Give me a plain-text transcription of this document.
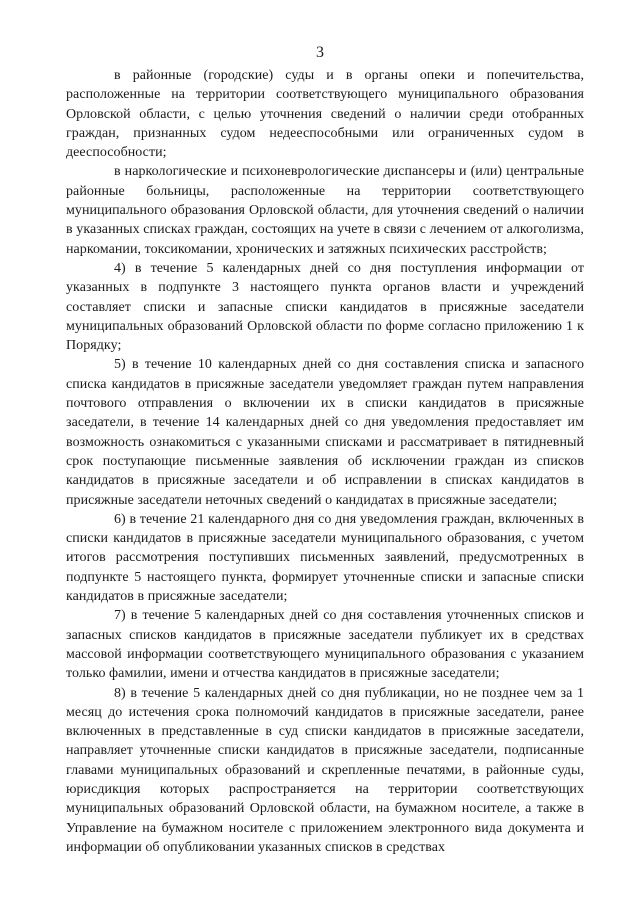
3

в районные (городские) суды и в органы опеки и попечительства, расположенные на территории соответствующего муниципального образования Орловской области, с целью уточнения сведений о наличии среди отобранных граждан, признанных судом недееспособными или ограниченных судом в дееспособности;

в наркологические и психоневрологические диспансеры и (или) центральные районные больницы, расположенные на территории соответствующего муниципального образования Орловской области, для уточнения сведений о наличии в указанных списках граждан, состоящих на учете в связи с лечением от алкоголизма, наркомании, токсикомании, хронических и затяжных психических расстройств;

4) в течение 5 календарных дней со дня поступления информации от указанных в подпункте 3 настоящего пункта органов власти и учреждений составляет списки и запасные списки кандидатов в присяжные заседатели муниципальных образований Орловской области по форме согласно приложению 1 к Порядку;

5) в течение 10 календарных дней со дня составления списка и запасного списка кандидатов в присяжные заседатели уведомляет граждан путем направления почтового отправления о включении их в списки кандидатов в присяжные заседатели, в течение 14 календарных дней со дня уведомления предоставляет им возможность ознакомиться с указанными списками и рассматривает в пятидневный срок поступающие письменные заявления об исключении граждан из списков кандидатов в присяжные заседатели и об исправлении в списках кандидатов в присяжные заседатели неточных сведений о кандидатах в присяжные заседатели;

6) в течение 21 календарного дня со дня уведомления граждан, включенных в списки кандидатов в присяжные заседатели муниципального образования, с учетом итогов рассмотрения поступивших письменных заявлений, предусмотренных в подпункте 5 настоящего пункта, формирует уточненные списки и запасные списки кандидатов в присяжные заседатели;

7) в течение 5 календарных дней со дня составления уточненных списков и запасных списков кандидатов в присяжные заседатели публикует их в средствах массовой информации соответствующего муниципального образования с указанием только фамилии, имени и отчества кандидатов в присяжные заседатели;

8) в течение 5 календарных дней со дня публикации, но не позднее чем за 1 месяц до истечения срока полномочий кандидатов в присяжные заседатели, ранее включенных в представленные в суд списки кандидатов в присяжные заседатели, направляет уточненные списки кандидатов в присяжные заседатели, подписанные главами муниципальных образований и скрепленные печатями, в районные суды, юрисдикция которых распространяется на территории соответствующих муниципальных образований Орловской области, на бумажном носителе, а также в Управление на бумажном носителе с приложением электронного вида документа и информации об опубликовании указанных списков в средствах
